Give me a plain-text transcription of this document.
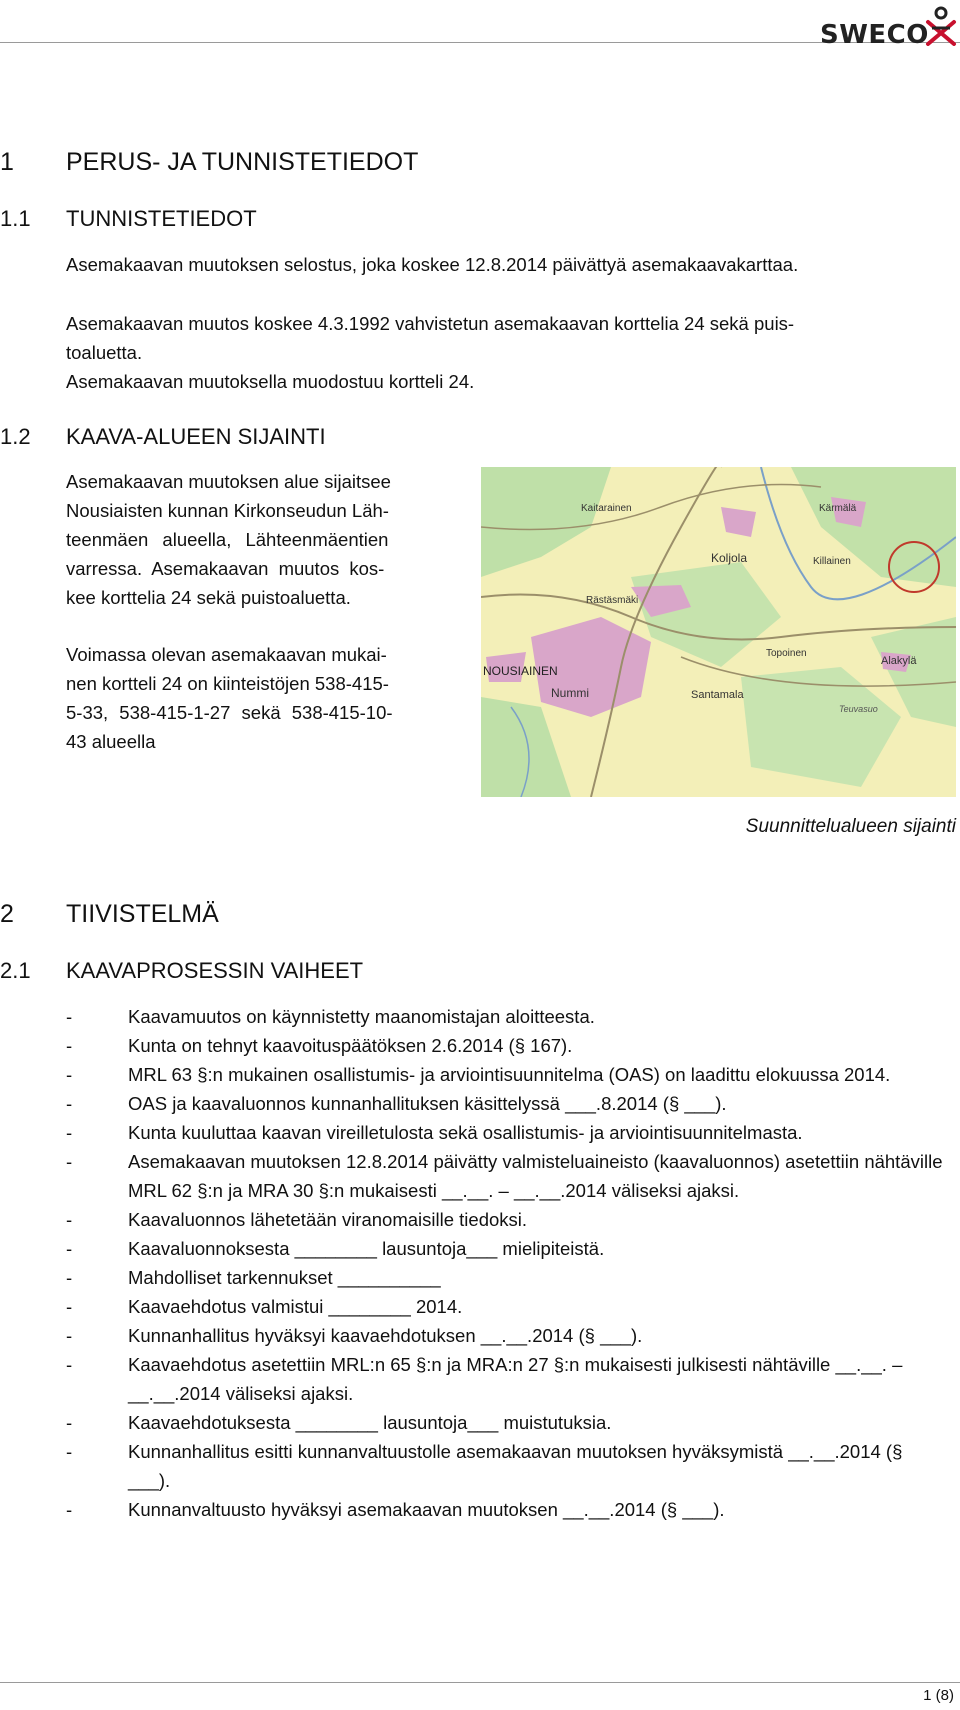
SWECO
1 PERUS- JA TUNNISTETIEDOT
1.1 TUNNISTETIEDOT

Asemakaavan muutoksen selostus, joka koskee 12.8.2014 päivättyä asemakaavakarttaa.

Asemakaavan muutos koskee 4.3.1992 vahvistetun asemakaavan korttelia 24 sekä puis-
toaluetta.
Asemakaavan muutoksella muodostuu kortteli 24.

1.2 KAAVA-ALUEEN SIJAINTI

Asemakaavan muutoksen alue sijaitsee
Nousiaisten kunnan Kirkonseudun Läh-
teenmäen alueella, Lähteenmäentien
varressa. Asemakaavan muutos kos-
kee korttelia 24 sekä puistoaluetta.

Voimassa olevan asemakaavan mukai-
nen kortteli 24 on kiinteistöjen 538-415-
5-33, 538-415-1-27 sekä 538-415-10-
43 alueella

Kärmälä
Kaitarainen
Killainen
Koljola
Rästäsmäki
NOUSIAINEN
Nummi	Santamala
Topoinen
Alakylä
Teuvasuo
Suunnittelualueen sijainti
2 TIIVISTELMÄ
2.1 KAAVAPROSESSIN VAIHEET
-	Kaavamuutos on käynnistetty maanomistajan aloitteesta.
-	Kunta on tehnyt kaavoituspäätöksen 2.6.2014 (§ 167).
-	MRL 63 §:n mukainen osallistumis- ja arviointisuunnitelma (OAS) on laadittu elokuussa 2014.
-	OAS ja kaavaluonnos kunnanhallituksen käsittelyssä ___.8.2014 (§ ___).
-	Kunta kuuluttaa kaavan vireilletulosta sekä osallistumis- ja arviointisuunnitelmasta.
-	Asemakaavan muutoksen 12.8.2014 päivätty valmisteluaineisto (kaavaluonnos) asetettiin nähtäville MRL 62 §:n ja MRA 30 §:n mukaisesti __.__. – __.__.2014 väliseksi ajaksi.
-	Kaavaluonnos lähetetään viranomaisille tiedoksi.
-	Kaavaluonnoksesta ________ lausuntoja___ mielipiteistä.
-	Mahdolliset tarkennukset __________
-	Kaavaehdotus valmistui ________ 2014.
-	Kunnanhallitus hyväksyi kaavaehdotuksen __.__.2014 (§ ___).
-	Kaavaehdotus asetettiin MRL:n 65 §:n ja MRA:n 27 §:n mukaisesti julkisesti nähtäville __.__. – __.__.2014 väliseksi ajaksi.
-	Kaavaehdotuksesta ________ lausuntoja___ muistutuksia.
-	Kunnanhallitus esitti kunnanvaltuustolle asemakaavan muutoksen hyväksymistä __.__.2014 (§ ___).
-	Kunnanvaltuusto hyväksyi asemakaavan muutoksen __.__.2014 (§ ___).
1 (8)
